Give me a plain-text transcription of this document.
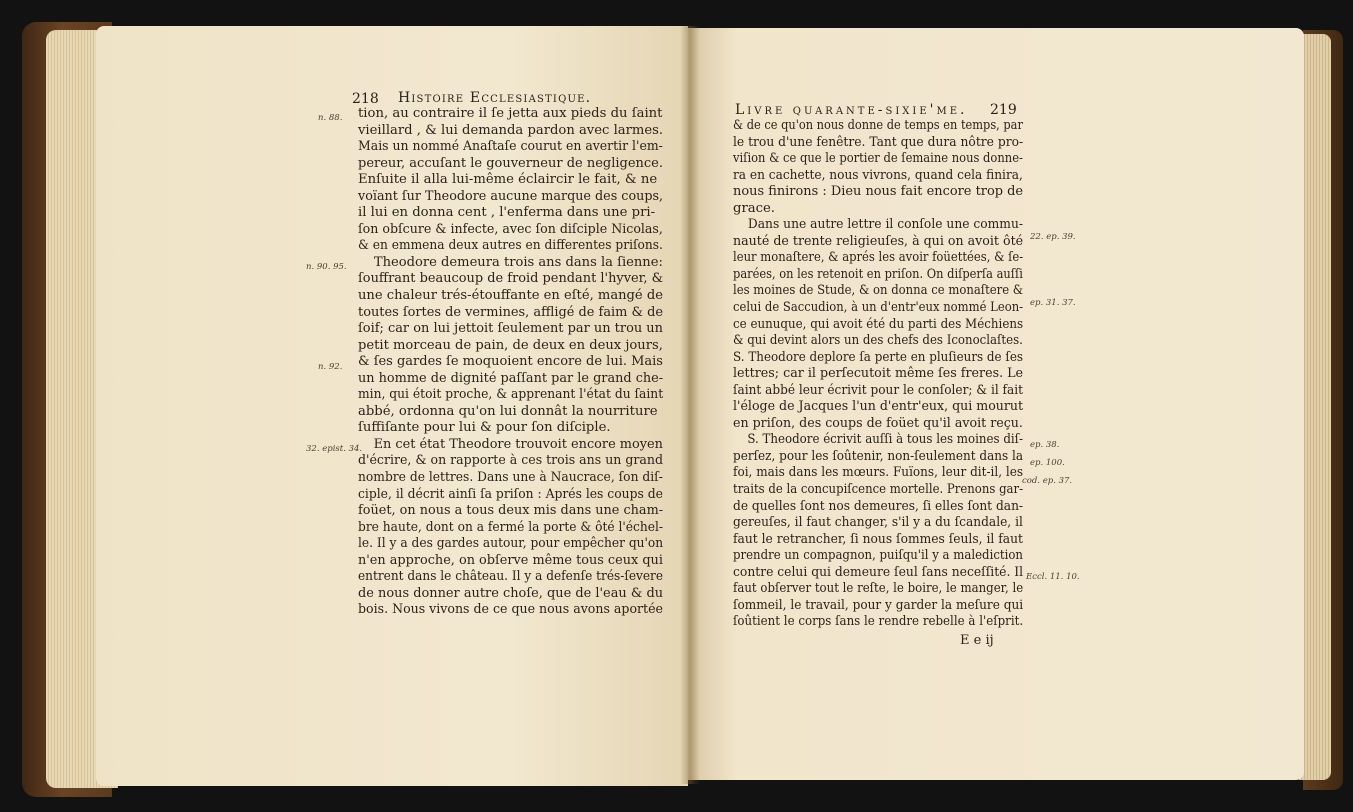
218 Histoire Ecclesiastique.
n. 88.
n. 90. 95.
n. 92.
32. epist. 34.
tion, au contraire il ſe jetta aux pieds du ſaint
vieillard , & lui demanda pardon avec larmes.
Mais un nommé Anaſtaſe courut en avertir l'em-
pereur, accuſant le gouverneur de negligence.
Enſuite il alla lui-même éclaircir le fait, & ne
voïant ſur Theodore aucune marque des coups,
il lui en donna cent , l'enferma dans une pri-
ſon obſcure & infecte, avec ſon diſciple Nicolas,
& en emmena deux autres en differentes priſons.
Theodore demeura trois ans dans la ſienne:
ſouffrant beaucoup de froid pendant l'hyver, &
une chaleur trés-étouffante en eſté, mangé de
toutes ſortes de vermines, affligé de faim & de
ſoif; car on lui jettoit ſeulement par un trou un
petit morceau de pain, de deux en deux jours,
& ſes gardes ſe moquoient encore de lui. Mais
un homme de dignité paſſant par le grand che-
min, qui étoit proche, & apprenant l'état du ſaint
abbé, ordonna qu'on lui donnât la nourriture
ſuffiſante pour lui & pour ſon diſciple.
En cet état Theodore trouvoit encore moyen
d'écrire, & on rapporte à ces trois ans un grand
nombre de lettres. Dans une à Naucrace, ſon diſ-
ciple, il décrit ainſi ſa priſon : Aprés les coups de
foüet, on nous a tous deux mis dans une cham-
bre haute, dont on a fermé la porte & ôté l'échel-
le. Il y a des gardes autour, pour empêcher qu'on
n'en approche, on obſerve même tous ceux qui
entrent dans le château. Il y a defenſe trés-ſevere
de nous donner autre choſe, que de l'eau & du
bois. Nous vivons de ce que nous avons aportée
Livre quarante-sixie'me. 219
22. ep. 39.
ep. 31. 37.
ep. 38.
ep. 100.
cod. ep. 37.
Eccl. 11. 10.
& de ce qu'on nous donne de temps en temps, par
le trou d'une fenêtre. Tant que dura nôtre pro-
viſion & ce que le portier de ſemaine nous donne-
ra en cachette, nous vivrons, quand cela finira,
nous finirons : Dieu nous fait encore trop de
grace.
Dans une autre lettre il conſole une commu-
nauté de trente religieuſes, à qui on avoit ôté
leur monaſtere, & aprés les avoir foüettées, & ſe-
parées, on les retenoit en priſon. On diſperſa auſſi
les moines de Stude, & on donna ce monaſtere &
celui de Saccudion, à un d'entr'eux nommé Leon-
ce eunuque, qui avoit été du parti des Méchiens
& qui devint alors un des chefs des Iconoclaſtes.
S. Theodore deplore ſa perte en pluſieurs de ſes
lettres; car il perſecutoit même ſes freres. Le
ſaint abbé leur écrivit pour le conſoler; & il fait
l'éloge de Jacques l'un d'entr'eux, qui mourut
en priſon, des coups de foüet qu'il avoit reçu.
S. Theodore écrivit auſſi à tous les moines diſ-
perſez, pour les ſoûtenir, non-ſeulement dans la
foi, mais dans les mœurs. Fuïons, leur dit-il, les
traits de la concupiſcence mortelle. Prenons gar-
de quelles ſont nos demeures, ſi elles ſont dan-
gereuſes, il faut changer, s'il y a du ſcandale, il
faut le retrancher, ſi nous ſommes ſeuls, il faut
prendre un compagnon, puiſqu'il y a malediction
contre celui qui demeure ſeul ſans neceſſité. Il
faut obſerver tout le reſte, le boire, le manger, le
ſommeil, le travail, pour y garder la meſure qui
ſoûtient le corps ſans le rendre rebelle à l'eſprit.
E e ij
